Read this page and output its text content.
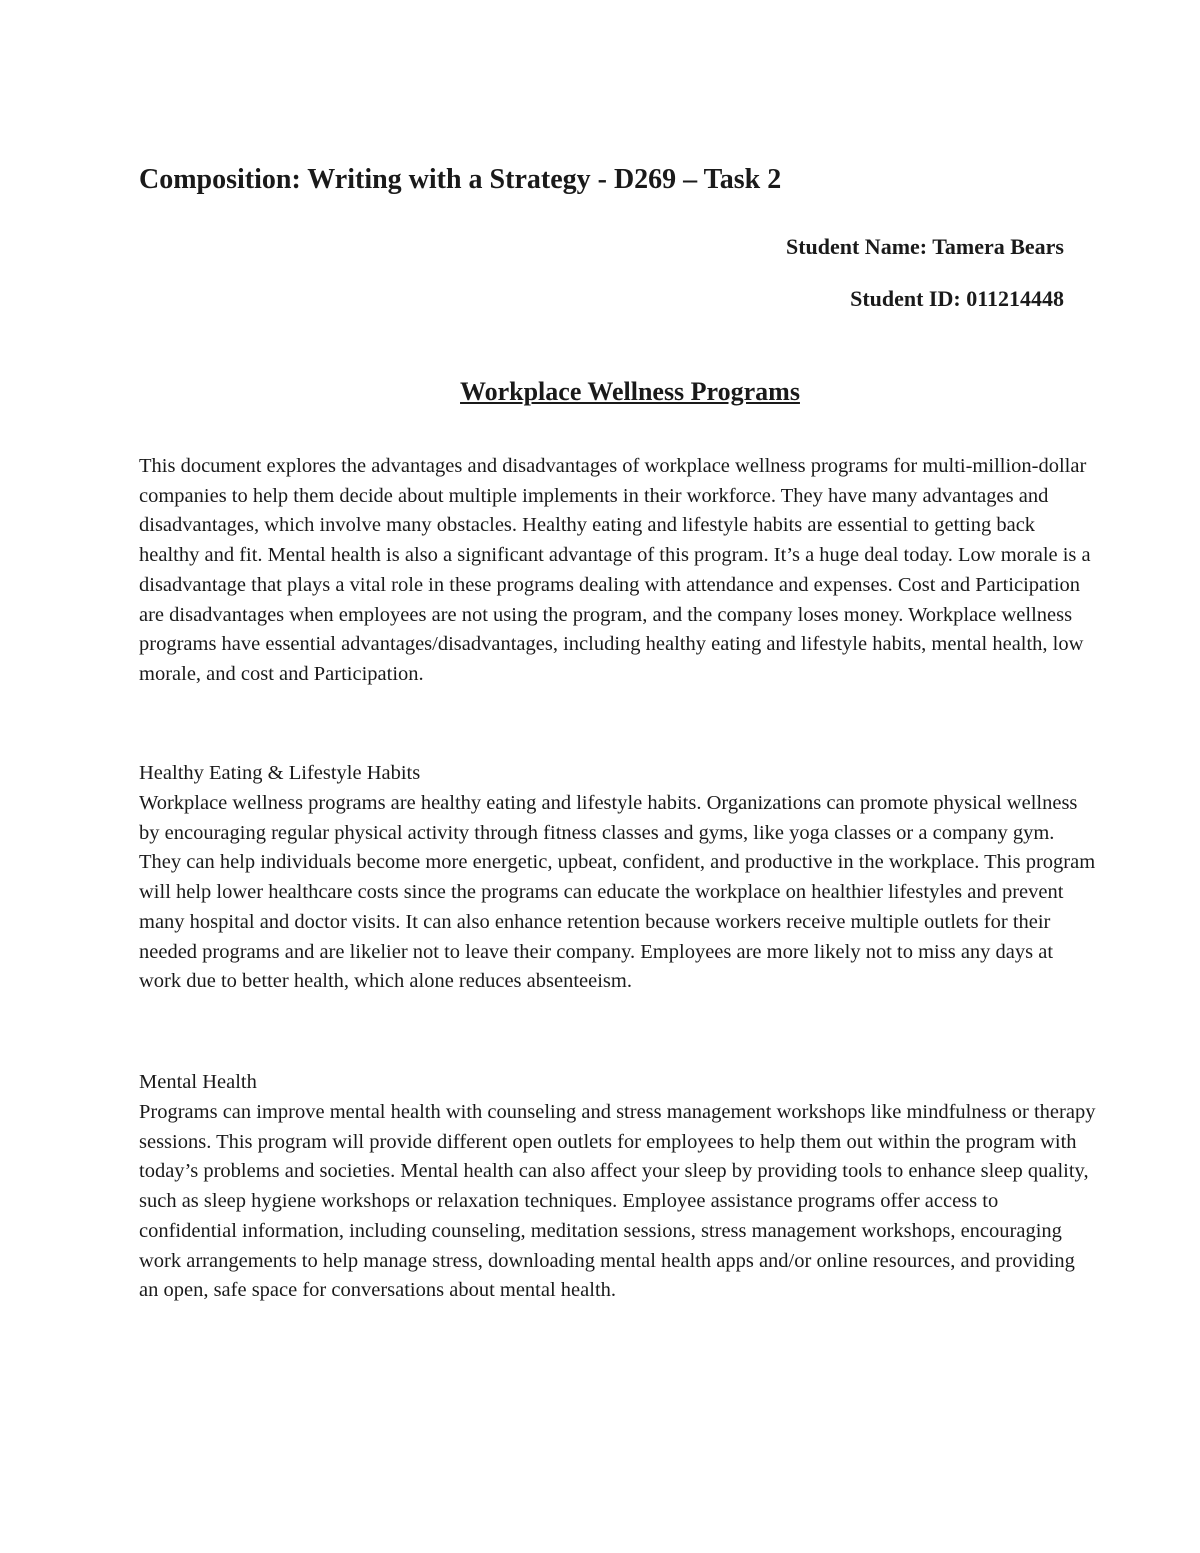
Composition: Writing with a Strategy - D269 – Task 2

Student Name: Tamera Bears

Student ID: 011214448

Workplace Wellness Programs

This document explores the advantages and disadvantages of workplace wellness programs for multi-million-dollar companies to help them decide about multiple implements in their workforce. They have many advantages and disadvantages, which involve many obstacles. Healthy eating and lifestyle habits are essential to getting back healthy and fit. Mental health is also a significant advantage of this program. It’s a huge deal today. Low morale is a disadvantage that plays a vital role in these programs dealing with attendance and expenses. Cost and Participation are disadvantages when employees are not using the program, and the company loses money. Workplace wellness programs have essential advantages/disadvantages, including healthy eating and lifestyle habits, mental health, low morale, and cost and Participation.

Healthy Eating & Lifestyle Habits

Workplace wellness programs are healthy eating and lifestyle habits. Organizations can promote physical wellness by encouraging regular physical activity through fitness classes and gyms, like yoga classes or a company gym. They can help individuals become more energetic, upbeat, confident, and productive in the workplace. This program will help lower healthcare costs since the programs can educate the workplace on healthier lifestyles and prevent many hospital and doctor visits. It can also enhance retention because workers receive multiple outlets for their needed programs and are likelier not to leave their company. Employees are more likely not to miss any days at work due to better health, which alone reduces absenteeism.

Mental Health

Programs can improve mental health with counseling and stress management workshops like mindfulness or therapy sessions. This program will provide different open outlets for employees to help them out within the program with today’s problems and societies. Mental health can also affect your sleep by providing tools to enhance sleep quality, such as sleep hygiene workshops or relaxation techniques. Employee assistance programs offer access to confidential information, including counseling, meditation sessions, stress management workshops, encouraging work arrangements to help manage stress, downloading mental health apps and/or online resources, and providing an open, safe space for conversations about mental health.
